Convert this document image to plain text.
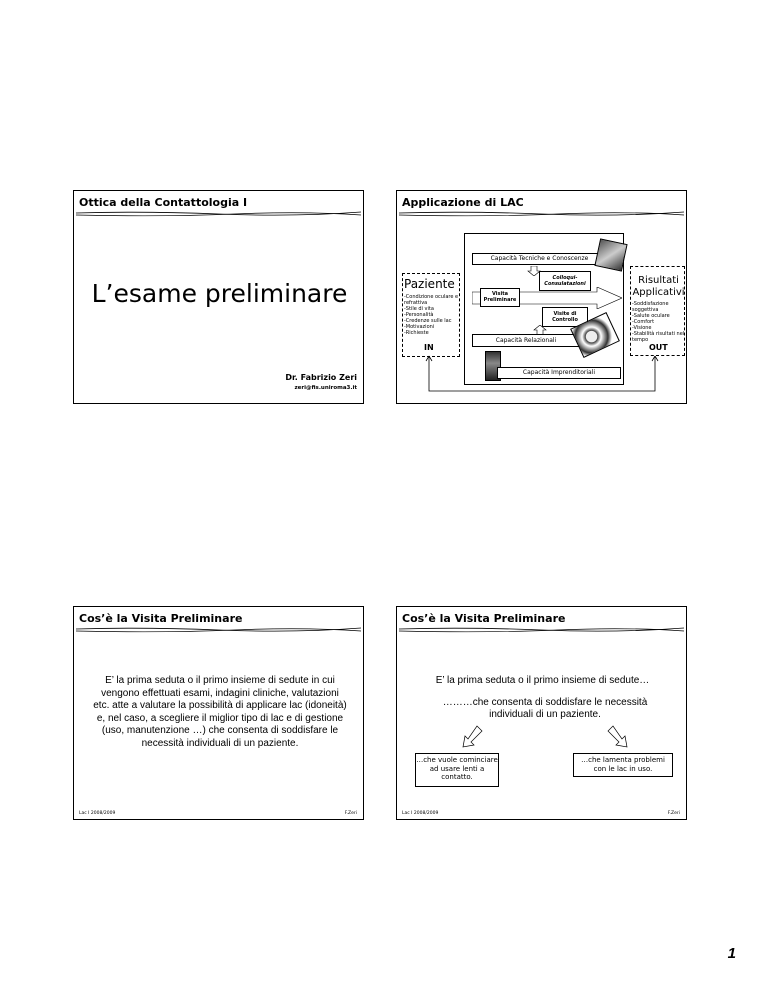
Ottica della Contattologia I
L’esame preliminare
Dr. Fabrizio Zeri
zeri@fis.uniroma3.it
Applicazione di LAC
Capacità Tecniche e Conoscenze
Paziente
-Condizione oculare e refrattiva
-Stile di vita
-Personalità
-Credenze sulle lac
-Motivazioni
-Richieste
IN
Colloqui-Consulatazioni
Visita Preliminare
Visite di Controllo
Capacità Relazionali
Risultati Applicativi
-Soddisfazione soggettiva
-Salute oculare
-Comfort
-Visione
-Stabilità risultati nel tempo
OUT
Capacità Imprenditoriali
Cos’è la Visita Preliminare
E’ la prima seduta o il primo insieme di sedute in cui vengono effettuati esami, indagini cliniche, valutazioni etc. atte a valutare la possibilità di applicare lac (idoneità) e, nel caso, a scegliere il miglior tipo di lac e di gestione (uso, manutenzione …) che consenta di soddisfare le necessità individuali di un paziente.
Lac I 2008/2009	F.Zeri
Cos’è la Visita Preliminare
E’ la prima seduta o il primo insieme di sedute…
………che consenta di soddisfare le necessità individuali di un paziente.
…che vuole cominciare ad usare lenti a contatto.
…che lamenta problemi con le lac in uso.
Lac I 2008/2009	F.Zeri
1
